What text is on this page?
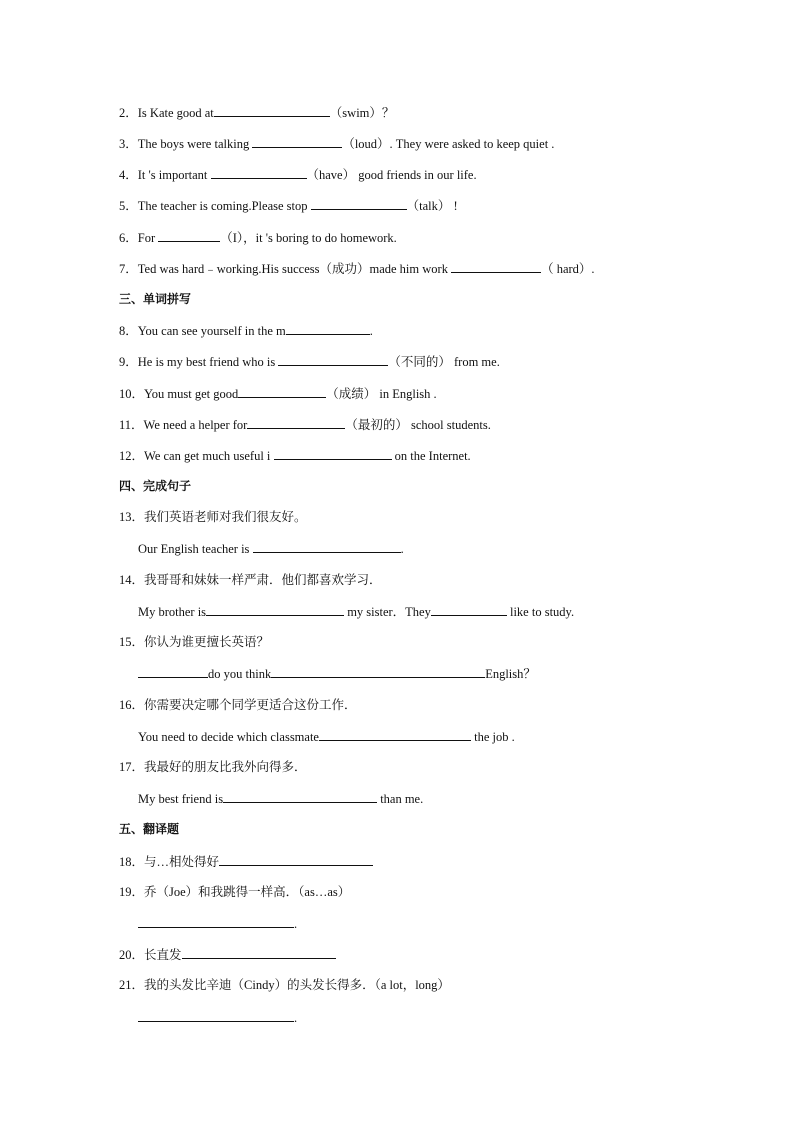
2．Is Kate good at	（swim）？
3．The boys were talking	（loud）. They were asked to keep quiet .
4．It 's important	（have） good friends in our life.
5．The teacher is coming.Please stop	（talk） !
6．For	（I），it 's boring to do homework.
7．Ted was hard﹣working.His success（成功）made him work	（ hard）.
三、单词拼写
8．You can see yourself in the m	.
9．He is my best friend who is	（不同的） from me.
10．You must get good	（成绩） in English .
11．We need a helper for	（最初的） school students.
12．We can get much useful i	on the Internet.
四、完成句子
13．我们英语老师对我们很友好。
Our English teacher is	.
14．我哥哥和妹妹一样严肃．他们都喜欢学习．
My brother is	my sister．They	like to study.
15．你认为谁更擅长英语？
do you think	English？
16．你需要决定哪个同学更适合这份工作．
You need to decide which classmate	the job .
17．我最好的朋友比我外向得多．
My best friend is	than me.
五、翻译题
18．与…相处得好
19．乔（Joe）和我跳得一样高．（as…as）
.
20．长直发
21．我的头发比辛迪（Cindy）的头发长得多．（a lot，long）
.
